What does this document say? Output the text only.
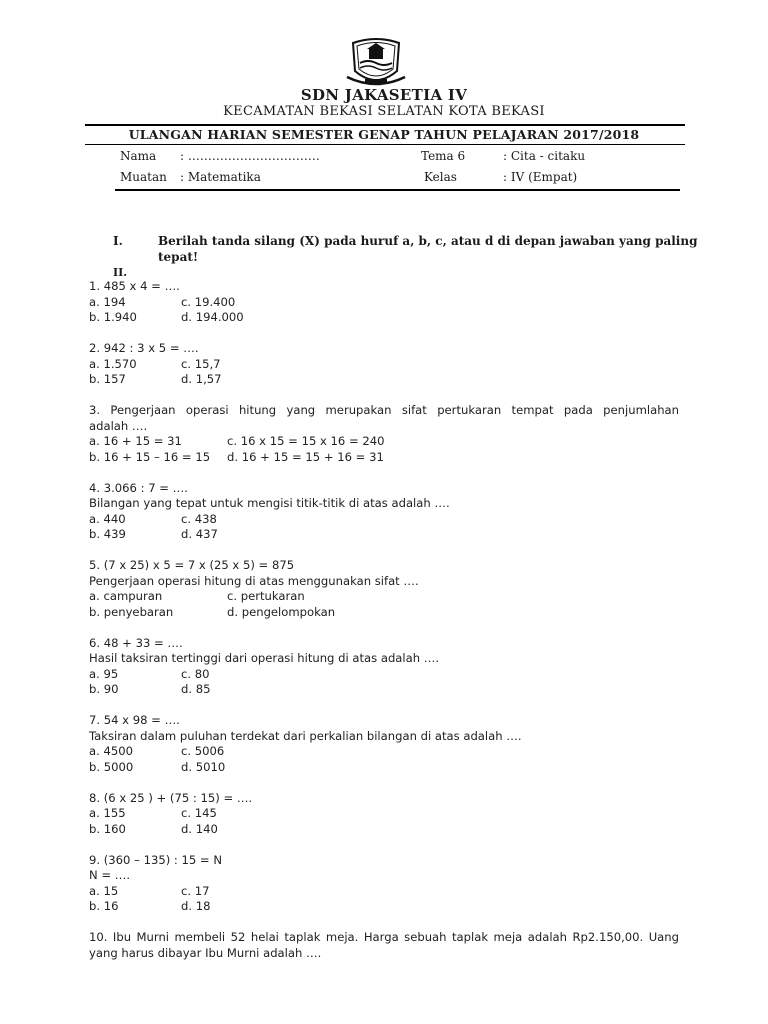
SDN JAKASETIA IV
KECAMATAN BEKASI SELATAN KOTA BEKASI
ULANGAN HARIAN SEMESTER GENAP TAHUN PELAJARAN 2017/2018
Nama : ……………………………	Tema 6	: Cita - citaku
Muatan : Matematika	Kelas	: IV (Empat)
I.	Berilah tanda silang (X) pada huruf a, b, c, atau d di depan jawaban yang paling
tepat!
II.
1. 485 x 4 = ….
a. 194	c. 19.400
b. 1.940	d. 194.000
2. 942 : 3 x 5 = ….
a. 1.570	c. 15,7
b. 157	d. 1,57
3. Pengerjaan operasi hitung yang merupakan sifat pertukaran tempat pada penjumlahan
adalah ….
a. 16 + 15 = 31	c. 16 x 15 = 15 x 16 = 240
b. 16 + 15 – 16 = 15 d. 16 + 15 = 15 + 16 = 31
4. 3.066 : 7 = ….
Bilangan yang tepat untuk mengisi titik-titik di atas adalah ….
a. 440	c. 438
b. 439	d. 437
5. (7 x 25) x 5 = 7 x (25 x 5) = 875
Pengerjaan operasi hitung di atas menggunakan sifat ….
a. campuran	c. pertukaran
b. penyebaran	d. pengelompokan
6. 48 + 33 = ….
Hasil taksiran tertinggi dari operasi hitung di atas adalah ….
a. 95	c. 80
b. 90	d. 85
7. 54 x 98 = ….
Taksiran dalam puluhan terdekat dari perkalian bilangan di atas adalah ….
a. 4500	c. 5006
b. 5000	d. 5010
8. (6 x 25 ) + (75 : 15) = ….
a. 155	c. 145
b. 160	d. 140
9. (360 – 135) : 15 = N
N = ….
a. 15	c. 17
b. 16	d. 18
10. Ibu Murni membeli 52 helai taplak meja. Harga sebuah taplak meja adalah Rp2.150,00. Uang
yang harus dibayar Ibu Murni adalah ….
